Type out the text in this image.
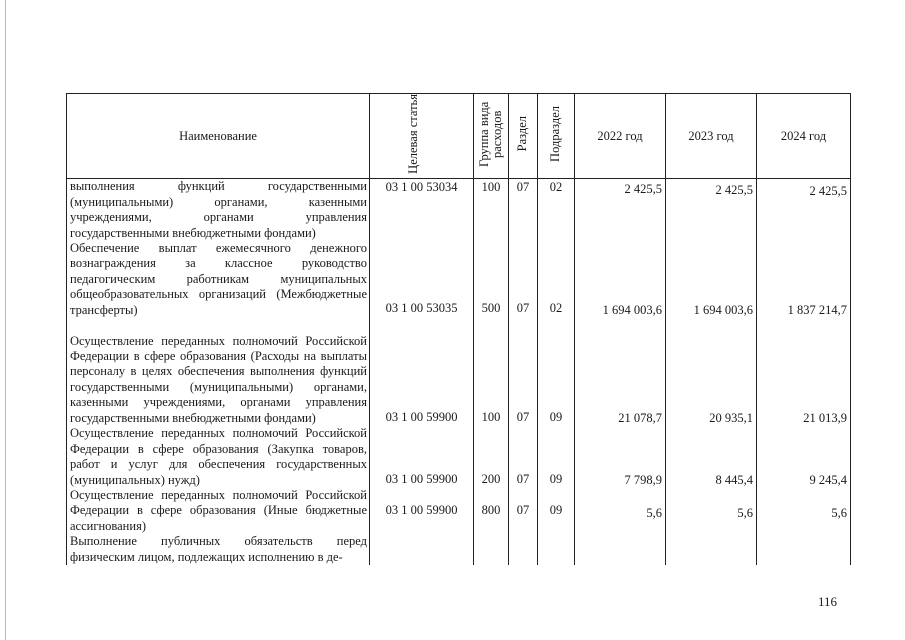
Наименование	Целевая статья	Группа вида расходов	Раздел	Подраздел	2022 год	2023 год	2024 год

выполнения функций государственными (муниципальными) органами, казенными учреждениями, органами управления государственными внебюджетными фондами)	03 1 00 53034	100	07	02	2 425,5	2 425,5	2 425,5

Обеспечение выплат ежемесячного денежного вознаграждения за классное руководство педагогическим работникам муниципальных общеобразовательных организаций (Межбюджетные трансферты)	03 1 00 53035	500	07	02	1 694 003,6	1 694 003,6	1 837 214,7

Осуществление переданных полномочий Российской Федерации в сфере образования (Расходы на выплаты персоналу в целях обеспечения выполнения функций государственными (муниципальными) органами, казенными учреждениями, органами управления государственными внебюджетными фондами)	03 1 00 59900	100	07	09	21 078,7	20 935,1	21 013,9

Осуществление переданных полномочий Российской Федерации в сфере образования (Закупка товаров, работ и услуг для обеспечения государственных (муниципальных) нужд)	03 1 00 59900	200	07	09	7 798,9	8 445,4	9 245,4

Осуществление переданных полномочий Российской Федерации в сфере образования (Иные бюджетные ассигнования)	03 1 00 59900	800	07	09	5,6	5,6	5,6

Выполнение публичных обязательств перед физическим лицом, подлежащих исполнению в де-							

116
